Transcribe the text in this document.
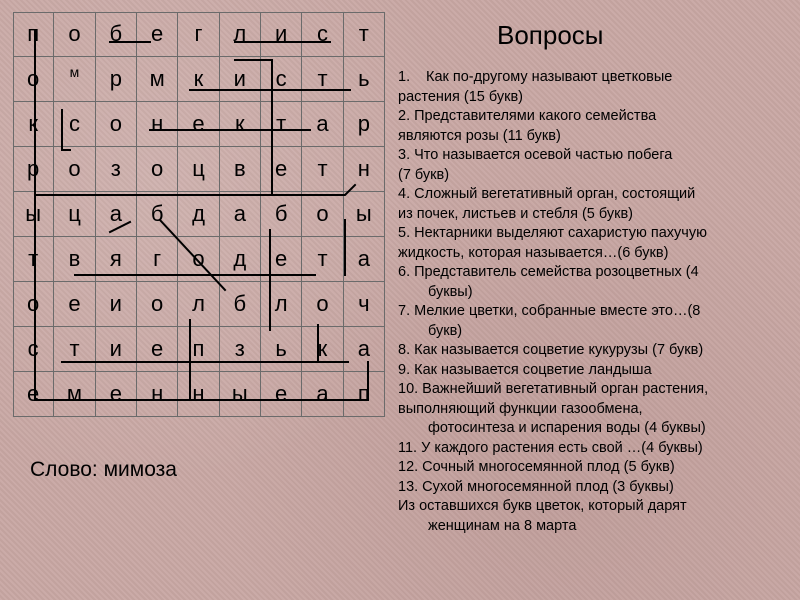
п	о	б	е	г	л	и	с	т
о	м	р	м	к	и	с	т	ь
к	с	о	н	е	к	т	а	р
р	о	з	о	ц	в	е	т	н
ы	ц	а	б	д	а	б	о	ы
т	в	я	г	о	д	е	т	а
о	е	и	о	л	б	л	о	ч
с	т	и	е	п	з	ь	к	а
е	м	е	н	н	ы	е	а	п
Слово: мимоза
Вопросы
1. Как по-другому называют цветковые
растения (15 букв)
2. Представителями какого семейства
являются розы (11 букв)
3. Что называется осевой частью побега
(7 букв)
4. Сложный вегетативный орган, состоящий
из почек, листьев и стебля (5 букв)
5. Нектарники выделяют сахаристую пахучую
жидкость, которая называется…(6 букв)
6. Представитель семейства розоцветных (4
буквы)
7. Мелкие цветки, собранные вместе это…(8
букв)
8. Как называется соцветие кукурузы (7 букв)
9. Как называется соцветие ландыша
10. Важнейший вегетативный орган растения,
выполняющий функции газообмена,
фотосинтеза и испарения воды (4 буквы)
11. У каждого растения есть свой …(4 буквы)
12. Сочный многосемянной плод (5 букв)
13. Сухой многосемянной плод (3 буквы)
Из оставшихся букв цветок, который дарят
женщинам на 8 марта
